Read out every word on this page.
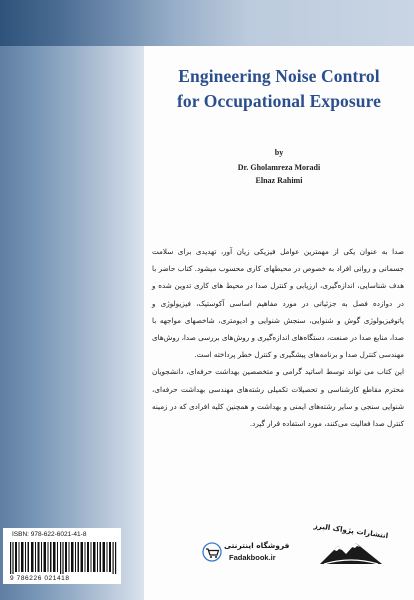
Engineering Noise Control
for Occupational Exposure
by
Dr. Gholamreza Moradi
Elnaz Rahimi

صدا به عنوان یکی از مهمترین عوامل فیزیکی زیان آور، تهدیدی برای سلامت جسمانی و روانی افراد به خصوص در محیطهای کاری محسوب میشود. کتاب حاضر با هدف شناسایی، اندازه‌گیری، ارزیابی و کنترل صدا در محیط های کاری تدوین شده و در دوازده فصل به جزئیاتی در مورد مفاهیم اساسی آکوستیک، فیزیولوژی و پاتوفیزیولوژی گوش و شنوایی، سنجش شنوایی و ادیومتری، شاخصهای مواجهه با صدا، منابع صدا در صنعت، دستگاه‌های اندازه‌گیری و روش‌های بررسی صدا، روش‌های مهندسی کنترل صدا و برنامه‌های پیشگیری و کنترل خطر پرداخته است.

این کتاب می تواند توسط اساتید گرامی و متخصصین بهداشت حرفه‌ای، دانشجویان محترم مقاطع کارشناسی و تحصیلات تکمیلی رشته‌های مهندسی بهداشت حرفه‌ای، شنوایی سنجی و سایر رشته‌های ایمنی و بهداشت و همچنین کلیه افرادی که در زمینه کنترل صدا فعالیت می‌کنند، مورد استفاده قرار گیرد.

ISBN: 978-622-6021-41-8
9 786226 021418
فروشگاه اینترنتی
Fadakbook.ir
انتشارات پژواک البرز
